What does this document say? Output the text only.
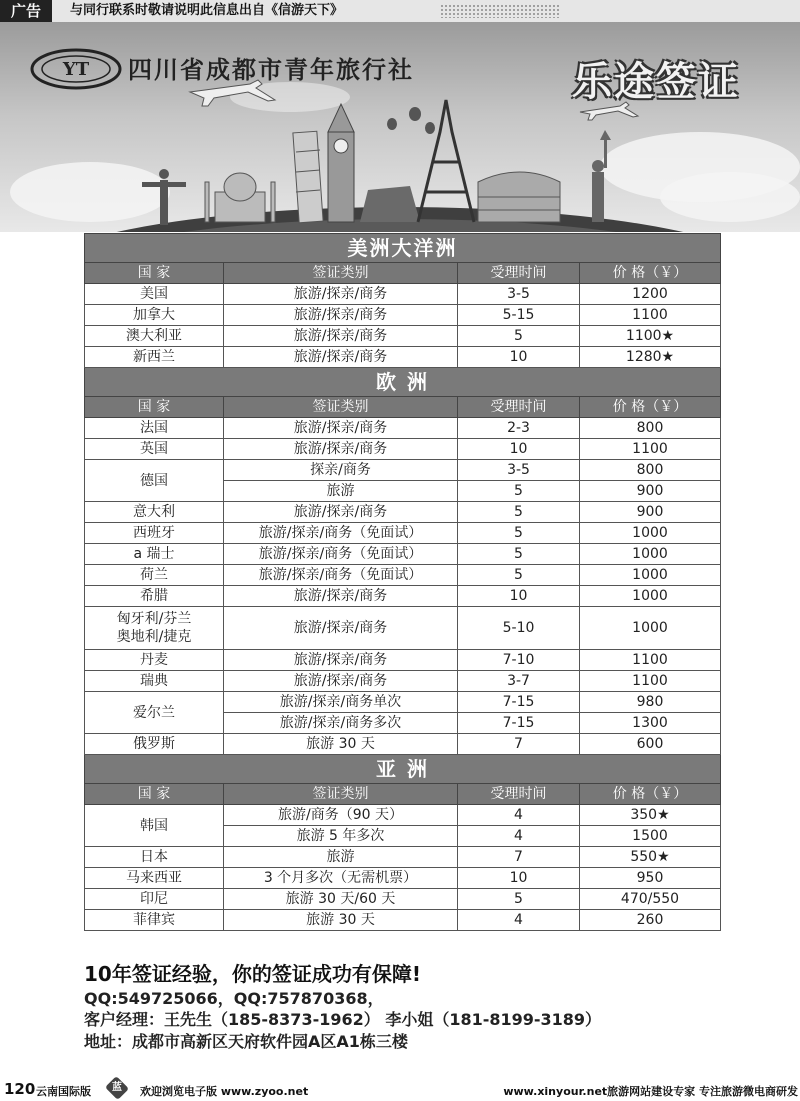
广告	与同行联系时敬请说明此信息出自《信游天下》
YT 四川省成都市青年旅行社	乐途签证
美洲大洋洲			
国 家	签证类别	受理时间	价 格（￥）
美国	旅游/探亲/商务	3-5	1200
加拿大	旅游/探亲/商务	5-15	1100
澳大利亚	旅游/探亲/商务	5	1100★
新西兰	旅游/探亲/商务	10	1280★
欧 洲			
国 家	签证类别	受理时间	价 格（￥）
法国	旅游/探亲/商务	2-3	800
英国	旅游/探亲/商务	10	1100
德国	探亲/商务	3-5	800
	旅游	5	900
意大利	旅游/探亲/商务	5	900
西班牙	旅游/探亲/商务（免面试）	5	1000
a 瑞士	旅游/探亲/商务（免面试）	5	1000
荷兰	旅游/探亲/商务（免面试）	5	1000
希腊	旅游/探亲/商务	10	1000

匈牙利/芬兰
奥地利/捷克	旅游/探亲/商务	5-10	1000
丹麦	旅游/探亲/商务	7-10	1100
瑞典	旅游/探亲/商务	3-7	1100
爱尔兰	旅游/探亲/商务单次	7-15	980
	旅游/探亲/商务多次	7-15	1300
俄罗斯	旅游 30 天	7	600
亚 洲			
国 家	签证类别	受理时间	价 格（￥）
韩国	旅游/商务（90 天）	4	350★
	旅游 5 年多次	4	1500
日本	旅游	7	550★
马来西亚	3 个月多次（无需机票）	10	950
印尼	旅游 30 天/60 天	5	470/550
菲律宾	旅游 30 天	4	260
10年签证经验，你的签证成功有保障!
QQ:549725066，QQ:757870368，
客户经理：王先生（185-8373-1962） 李小姐（181-8199-3189）
地址：成都市高新区天府软件园A区A1栋三楼
120 云南国际版	蓝	欢迎浏览电子版 www.zyoo.net	www.xinyour.net旅游网站建设专家 专注旅游微电商研发
